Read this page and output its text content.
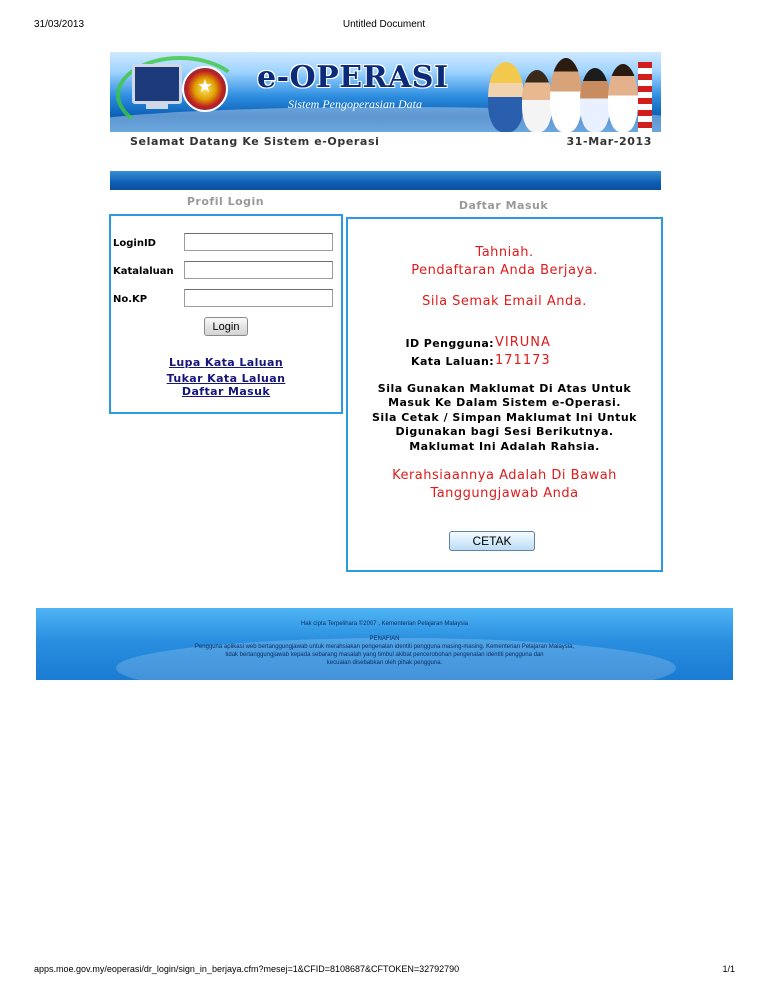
31/03/2013	Untitled Document
★	e-OPERASI
Sistem Pengoperasian Data
Selamat Datang Ke Sistem e-Operasi	31-Mar-2013
Profil Login
LoginID
Katalaluan
No.KP
Login
Lupa Kata Laluan
Tukar Kata Laluan
Daftar Masuk
Daftar Masuk
Tahniah.
Pendaftaran Anda Berjaya.
Sila Semak Email Anda.
ID Pengguna: VIRUNA
Kata Laluan: 171173
Sila Gunakan Maklumat Di Atas Untuk
Masuk Ke Dalam Sistem e-Operasi.
Sila Cetak / Simpan Maklumat Ini Untuk
Digunakan bagi Sesi Berikutnya.
Maklumat Ini Adalah Rahsia.
Kerahsiaannya Adalah Di Bawah
Tanggungjawab Anda
CETAK
Hak cipta Terpelihara ©2007 , Kementerian Pelajaran Malaysia
PENAFIAN
Pengguna aplikasi web bertanggungjawab untuk merahsiakan pengenalan identiti pengguna masing-masing. Kementerian Pelajaran Malaysia,
tidak bertanggungjawab kepada sebarang masalah yang timbul akibat pencerobohan pengenalan identiti pengguna dan
kecuaian disebabkan oleh pihak pengguna.
apps.moe.gov.my/eoperasi/dr_login/sign_in_berjaya.cfm?mesej=1&CFID=8108687&CFTOKEN=32792790	1/1
